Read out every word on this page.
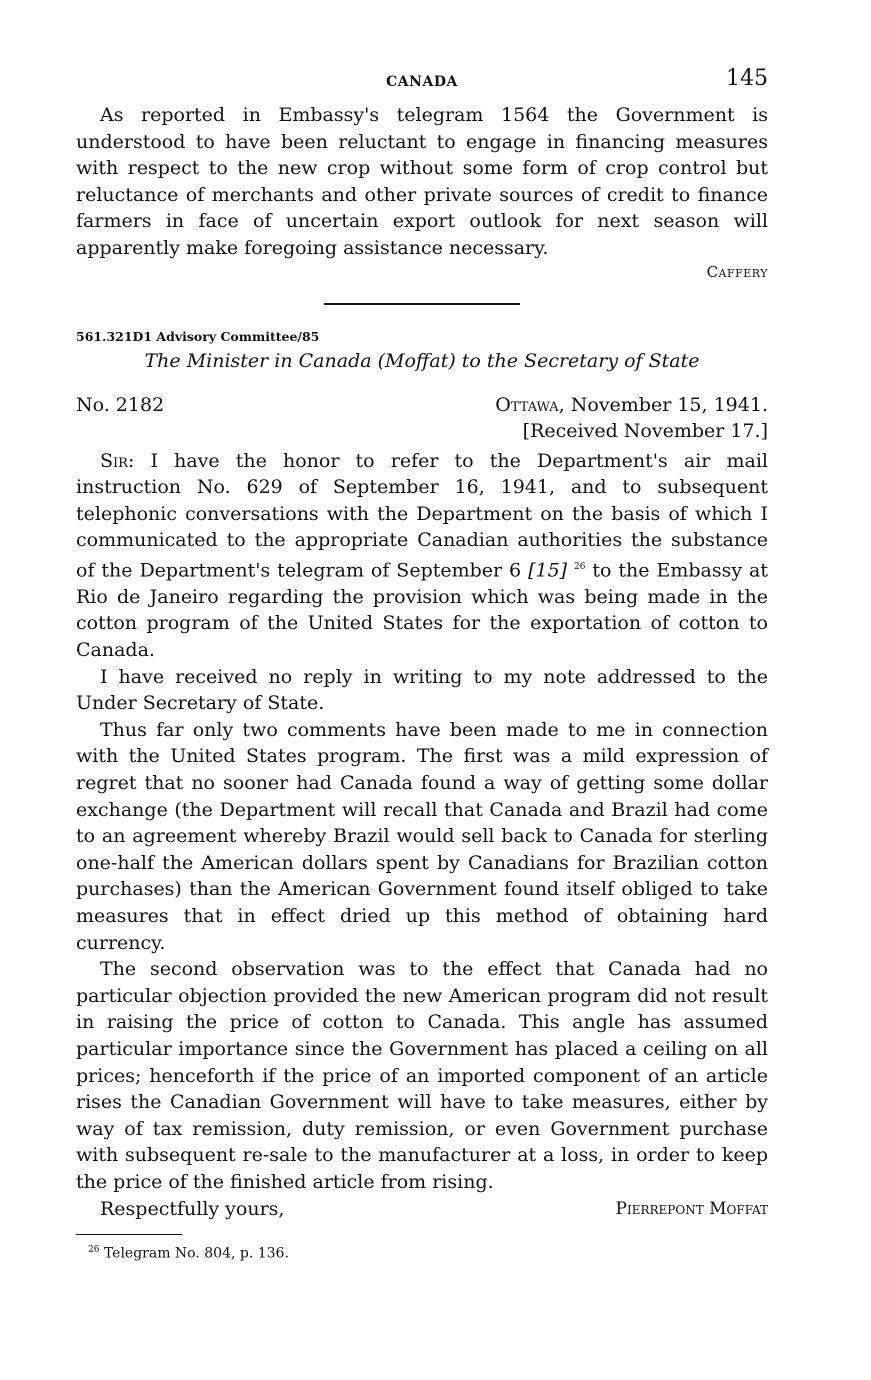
CANADA	145

As reported in Embassy's telegram 1564 the Government is understood to have been reluctant to engage in financing measures with respect to the new crop without some form of crop control but reluctance of merchants and other private sources of credit to finance farmers in face of uncertain export outlook for next season will apparently make foregoing assistance necessary.

Caffery
561.321D1 Advisory Committee/85
The Minister in Canada (Moffat) to the Secretary of State
No. 2182	Ottawa, November 15, 1941.
[Received November 17.]

Sir: I have the honor to refer to the Department's air mail instruction No. 629 of September 16, 1941, and to subsequent telephonic conversations with the Department on the basis of which I communicated to the appropriate Canadian authorities the substance of the Department's telegram of September 6 [15] $^{26}$ to the Embassy at Rio de Janeiro regarding the provision which was being made in the cotton program of the United States for the exportation of cotton to Canada.

I have received no reply in writing to my note addressed to the Under Secretary of State.

Thus far only two comments have been made to me in connection with the United States program. The first was a mild expression of regret that no sooner had Canada found a way of getting some dollar exchange (the Department will recall that Canada and Brazil had come to an agreement whereby Brazil would sell back to Canada for sterling one-half the American dollars spent by Canadians for Brazilian cotton purchases) than the American Government found itself obliged to take measures that in effect dried up this method of obtaining hard currency.

The second observation was to the effect that Canada had no particular objection provided the new American program did not result in raising the price of cotton to Canada. This angle has assumed particular importance since the Government has placed a ceiling on all prices; henceforth if the price of an imported component of an article rises the Canadian Government will have to take measures, either by way of tax remission, duty remission, or even Government purchase with subsequent re-sale to the manufacturer at a loss, in order to keep the price of the finished article from rising.

Respectfully yours,	Pierrepont Moffat
$^{26}$ Telegram No. 804, p. 136.
